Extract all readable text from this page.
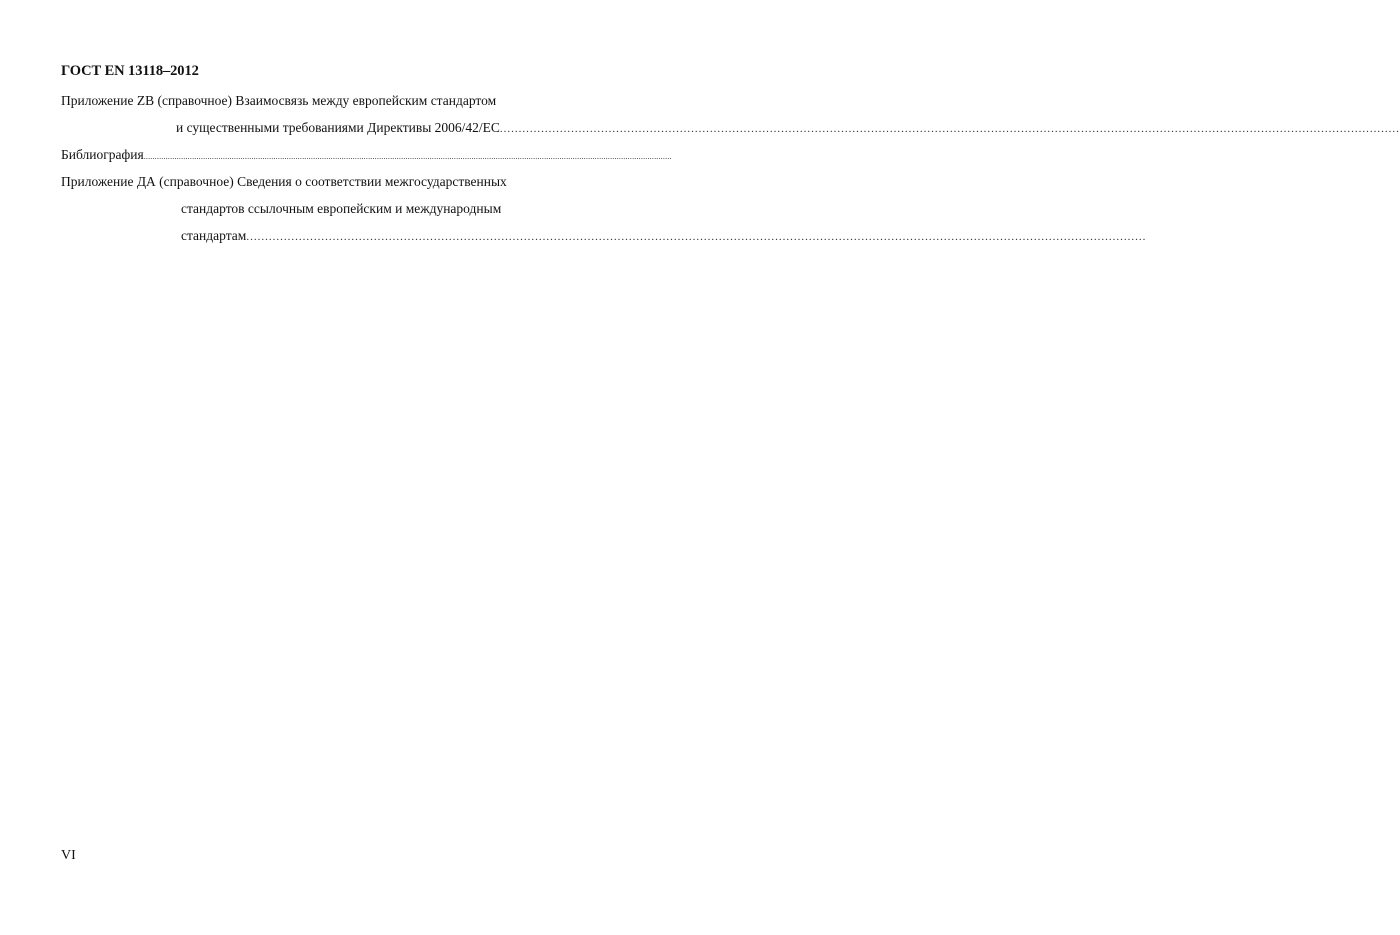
ГОСТ EN 13118–2012
Приложение ZB (справочное) Взаимосвязь между европейским стандартом
и существенными требованиями Директивы 2006/42/ЕС ................................................................................................................................................................................................................................................
Библиография ................................................................................................................................................................................................................................................
Приложение ДА (справочное) Сведения о соответствии межгосударственных
стандартов ссылочным европейским и международным
стандартам ................................................................................................................................................................................................................................................
VI
